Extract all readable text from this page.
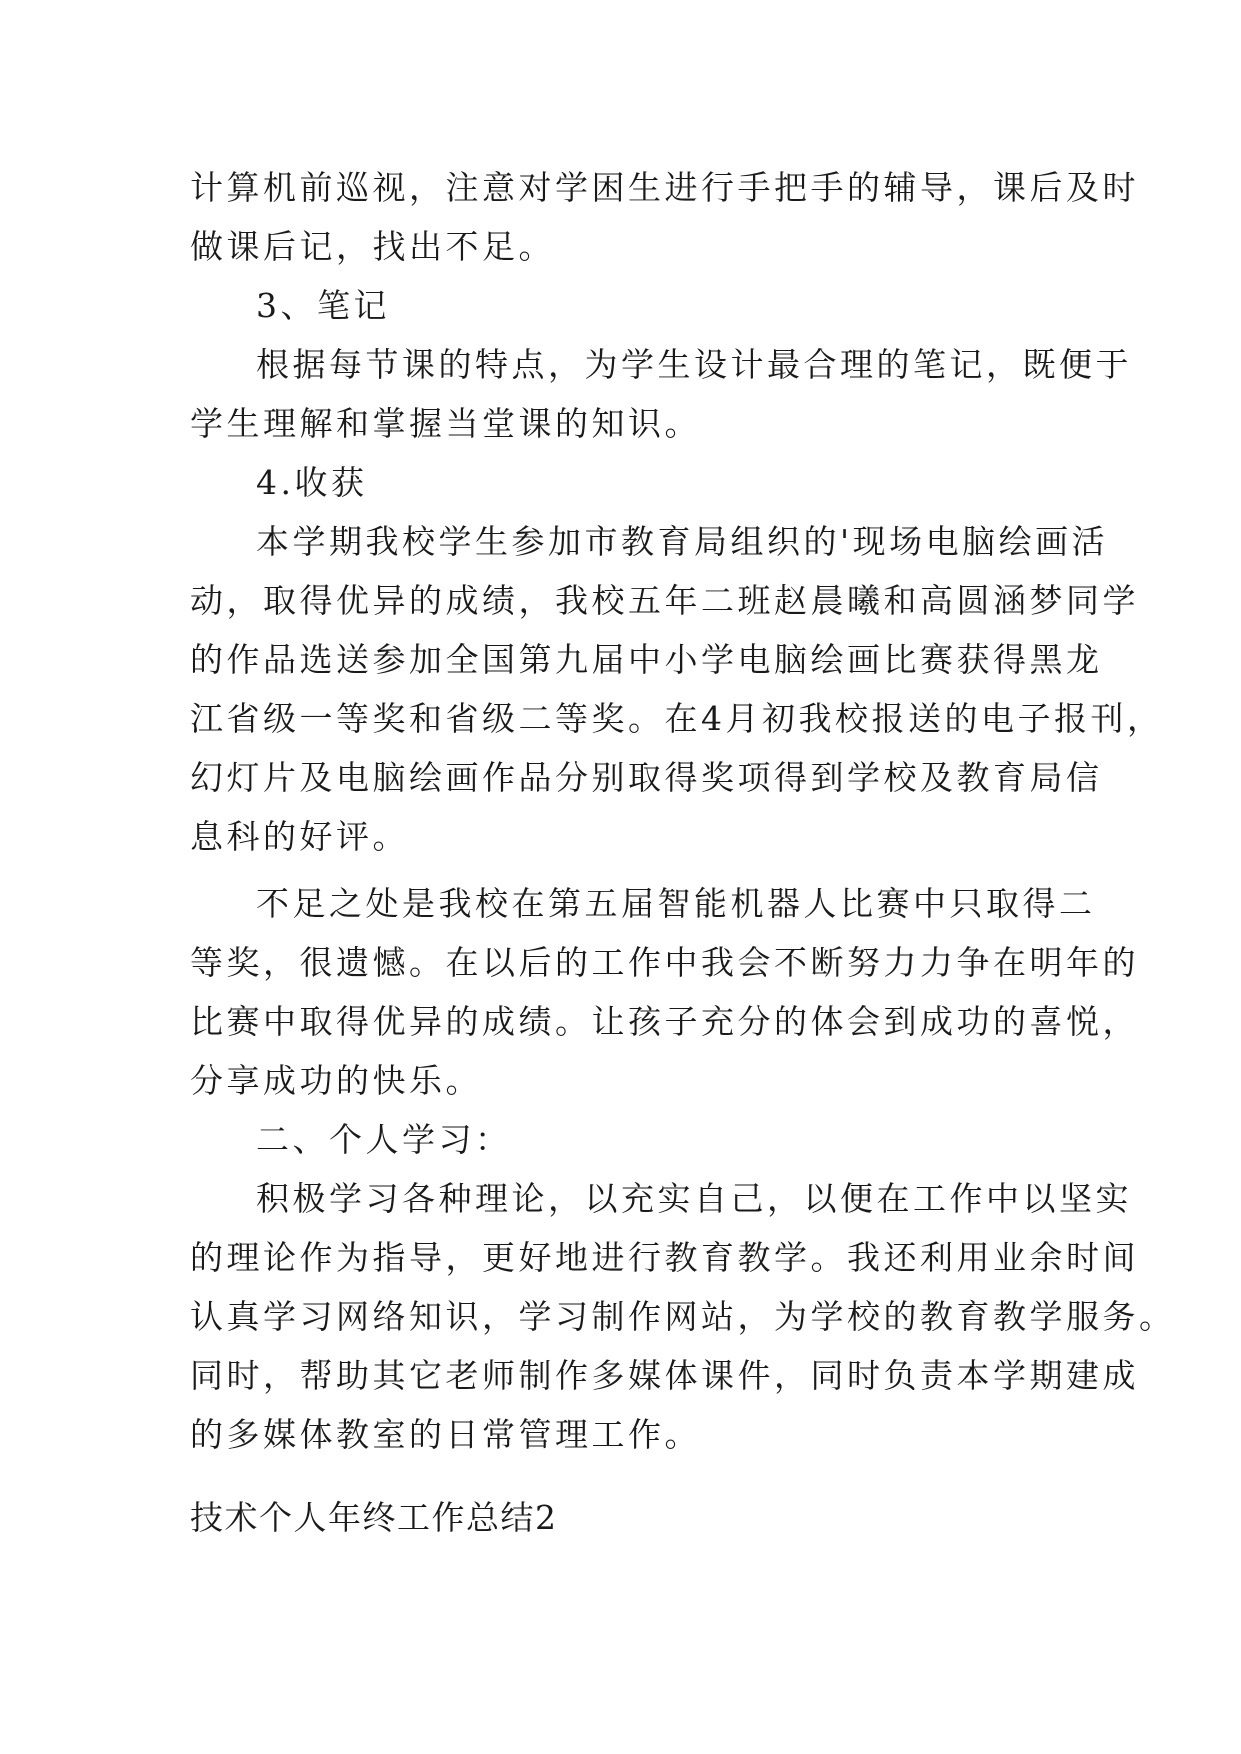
计算机前巡视，注意对学困生进行手把手的辅导，课后及时

做课后记，找出不足。

3、笔记

根据每节课的特点，为学生设计最合理的笔记，既便于

学生理解和掌握当堂课的知识。

4.收获

本学期我校学生参加市教育局组织的'现场电脑绘画活

动，取得优异的成绩，我校五年二班赵晨曦和高圆涵梦同学

的作品选送参加全国第九届中小学电脑绘画比赛获得黑龙

江省级一等奖和省级二等奖。在4月初我校报送的电子报刊，

幻灯片及电脑绘画作品分别取得奖项得到学校及教育局信

息科的好评。

不足之处是我校在第五届智能机器人比赛中只取得二

等奖，很遗憾。在以后的工作中我会不断努力力争在明年的

比赛中取得优异的成绩。让孩子充分的体会到成功的喜悦，

分享成功的快乐。

二、个人学习：

积极学习各种理论，以充实自己，以便在工作中以坚实

的理论作为指导，更好地进行教育教学。我还利用业余时间

认真学习网络知识，学习制作网站，为学校的教育教学服务。

同时，帮助其它老师制作多媒体课件，同时负责本学期建成

的多媒体教室的日常管理工作。

技术个人年终工作总结2
